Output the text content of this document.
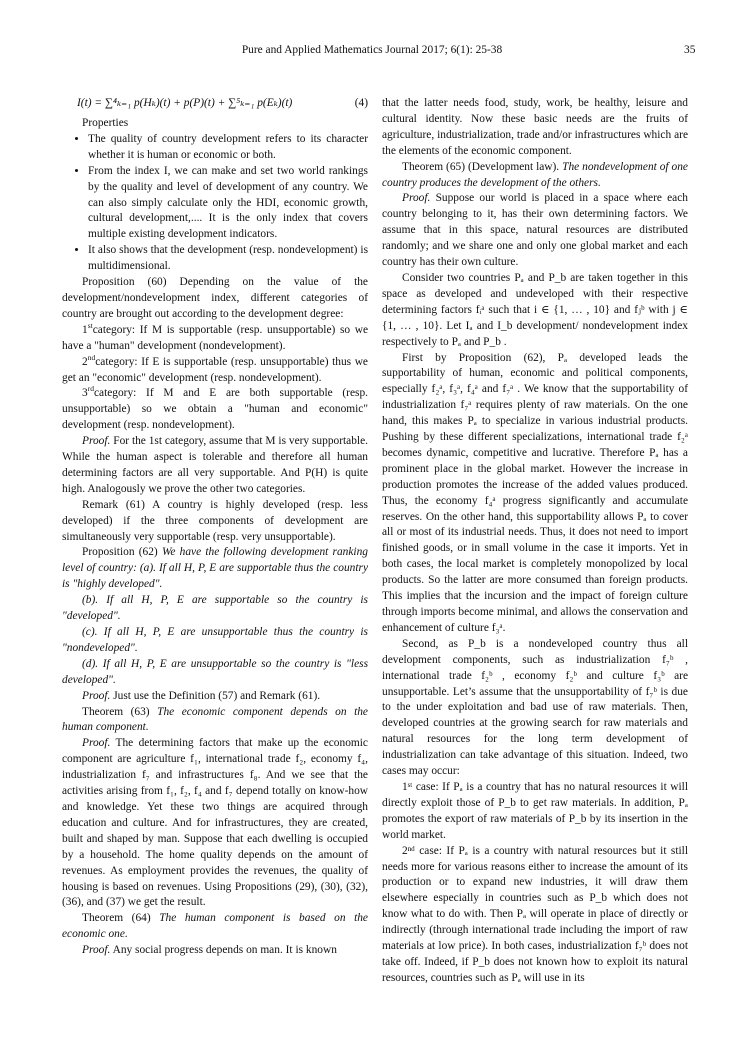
Pure and Applied Mathematics Journal 2017; 6(1): 25-38	35
I(t) = ∑⁴ₖ₌₁ p(Hₖ)(t) + p(P)(t) + ∑⁵ₖ₌₁ p(Eₖ)(t)	(4)

Properties

• The quality of country development refers to its character whether it is human or economic or both.
• From the index I, we can make and set two world rankings by the quality and level of development of any country. We can also simply calculate only the HDI, economic growth, cultural development,.... It is the only index that covers multiple existing development indicators.
• It also shows that the development (resp. nondevelopment) is multidimensional.

Proposition (60) Depending on the value of the development/nondevelopment index, different categories of country are brought out according to the development degree:

1stcategory: If M is supportable (resp. unsupportable) so we have a "human" development (nondevelopment).

2ndcategory: If E is supportable (resp. unsupportable) thus we get an "economic" development (resp. nondevelopment).

3rdcategory: If M and E are both supportable (resp. unsupportable) so we obtain a "human and economic" development (resp. nondevelopment).

Proof. For the 1st category, assume that M is very supportable. While the human aspect is tolerable and therefore all human determining factors are all very supportable. And P(H) is quite high. Analogously we prove the other two categories.

Remark (61) A country is highly developed (resp. less developed) if the three components of development are simultaneously very supportable (resp. very unsupportable).

Proposition (62) We have the following development ranking level of country: (a). If all H, P, E are supportable thus the country is "highly developed".

(b). If all H, P, E are supportable so the country is "developed".

(c). If all H, P, E are unsupportable thus the country is "nondeveloped".

(d). If all H, P, E are unsupportable so the country is "less developed".

Proof. Just use the Definition (57) and Remark (61).

Theorem (63) The economic component depends on the human component.

Proof. The determining factors that make up the economic component are agriculture f₁, international trade f₂, economy f₄, industrialization f₇ and infrastructures f₈. And we see that the activities arising from f₁, f₂, f₄ and f₇ depend totally on know-how and knowledge. Yet these two things are acquired through education and culture. And for infrastructures, they are created, built and shaped by man. Suppose that each dwelling is occupied by a household. The home quality depends on the amount of revenues. As employment provides the revenues, the quality of housing is based on revenues. Using Propositions (29), (30), (32), (36), and (37) we get the result.

Theorem (64) The human component is based on the economic one.

Proof. Any social progress depends on man. It is known

that the latter needs food, study, work, be healthy, leisure and cultural identity. Now these basic needs are the fruits of agriculture, industrialization, trade and/or infrastructures which are the elements of the economic component.

Theorem (65) (Development law). The nondevelopment of one country produces the development of the others.

Proof. Suppose our world is placed in a space where each country belonging to it, has their own determining factors. We assume that in this space, natural resources are distributed randomly; and we share one and only one global market and each country has their own culture.

Consider two countries Pₐ and P_b are taken together in this space as developed and undeveloped with their respective determining factors fᵢᵃ such that i ∈ {1, … , 10} and fⱼᵇ with j ∈ {1, … , 10}. Let Iₐ and I_b development/ nondevelopment index respectively to Pₐ and P_b .

First by Proposition (62), Pₐ developed leads the supportability of human, economic and political components, especially f₂ᵃ, f₃ᵃ, f₄ᵃ and f₇ᵃ . We know that the supportability of industrialization f₇ᵃ requires plenty of raw materials. On the one hand, this makes Pₐ to specialize in various industrial products. Pushing by these different specializations, international trade f₂ᵃ becomes dynamic, competitive and lucrative. Therefore Pₐ has a prominent place in the global market. However the increase in production promotes the increase of the added values produced. Thus, the economy f₄ᵃ progress significantly and accumulate reserves. On the other hand, this supportability allows Pₐ to cover all or most of its industrial needs. Thus, it does not need to import finished goods, or in small volume in the case it imports. Yet in both cases, the local market is completely monopolized by local products. So the latter are more consumed than foreign products. This implies that the incursion and the impact of foreign culture through imports become minimal, and allows the conservation and enhancement of culture f₃ᵃ.

Second, as P_b is a nondeveloped country thus all development components, such as industrialization f₇ᵇ , international trade f₂ᵇ , economy f₂ᵇ and culture f₃ᵇ are unsupportable. Let’s assume that the unsupportability of f₇ᵇ is due to the under exploitation and bad use of raw materials. Then, developed countries at the growing search for raw materials and natural resources for the long term development of industrialization can take advantage of this situation. Indeed, two cases may occur:

1ˢᵗ case: If Pₐ is a country that has no natural resources it will directly exploit those of P_b to get raw materials. In addition, Pₐ promotes the export of raw materials of P_b by its insertion in the world market.

2ⁿᵈ case: If Pₐ is a country with natural resources but it still needs more for various reasons either to increase the amount of its production or to expand new industries, it will draw them elsewhere especially in countries such as P_b which does not know what to do with. Then Pₐ will operate in place of directly or indirectly (through international trade including the import of raw materials at low price). In both cases, industrialization f₇ᵇ does not take off. Indeed, if P_b does not known how to exploit its natural resources, countries such as Pₐ will use in its
